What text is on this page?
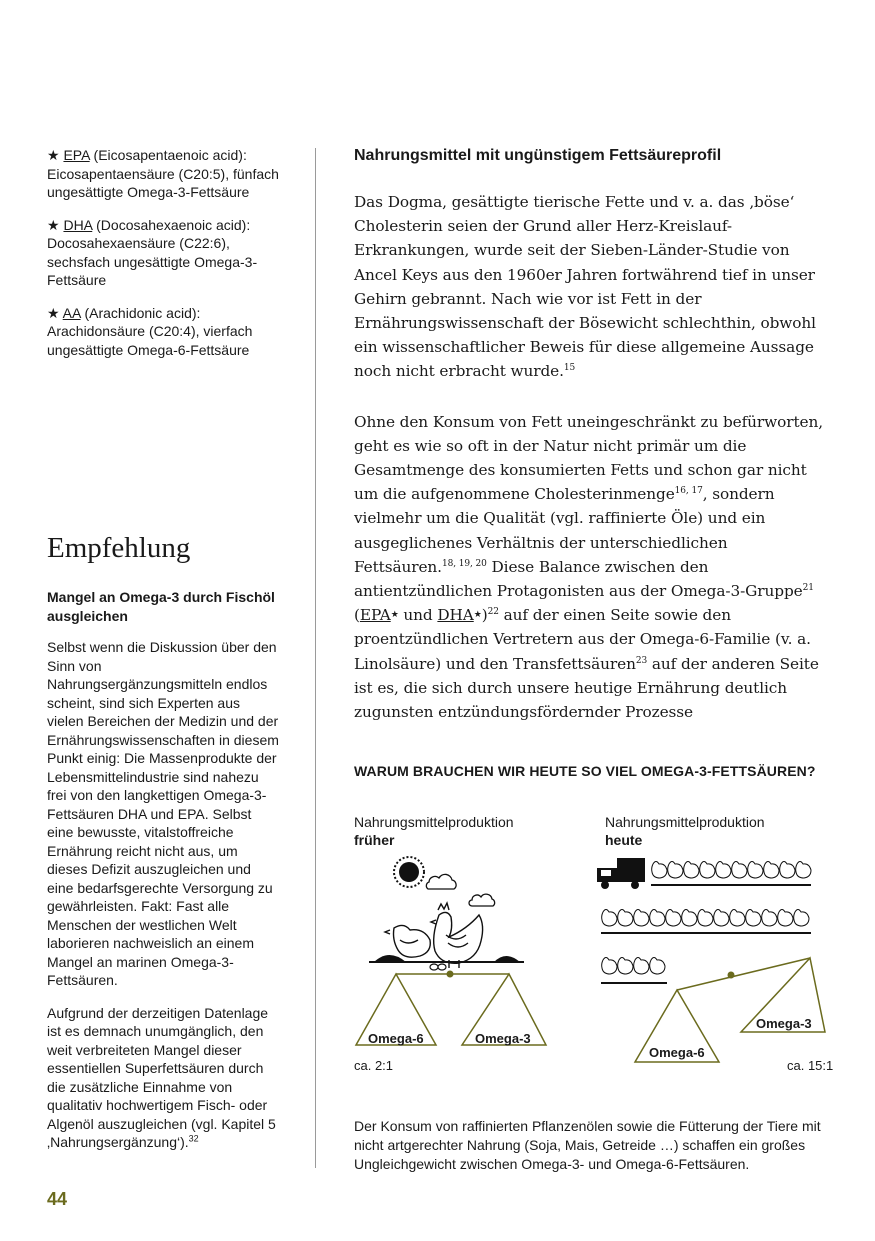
★ EPA (Eicosapentaenoic acid): Eicosapentaensäure (C20:5), fünfach ungesättigte Omega-3-Fettsäure

★ DHA (Docosahexaenoic acid): Docosahexaensäure (C22:6), sechsfach ungesättigte Omega-3-Fettsäure

★ AA (Arachidonic acid): Arachidonsäure (C20:4), vierfach ungesättigte Omega-6-Fettsäure

Empfehlung
Mangel an Omega-3 durch Fischöl ausgleichen

Selbst wenn die Diskussion über den Sinn von Nahrungsergänzungsmitteln endlos scheint, sind sich Experten aus vielen Bereichen der Medizin und der Ernährungswissenschaften in diesem Punkt einig: Die Massenprodukte der Lebensmittelindustrie sind nahezu frei von den langkettigen Omega-3-Fettsäuren DHA und EPA. Selbst eine bewusste, vitalstoffreiche Ernährung reicht nicht aus, um dieses Defizit auszugleichen und eine bedarfsgerechte Versorgung zu gewährleisten. Fakt: Fast alle Menschen der westlichen Welt laborieren nachweislich an einem Mangel an marinen Omega-3-Fettsäuren.

Aufgrund der derzeitigen Datenlage ist es demnach unumgänglich, den weit verbreiteten Mangel dieser essentiellen Superfettsäuren durch die zusätzliche Einnahme von qualitativ hochwertigem Fisch- oder Algenöl auszugleichen (vgl. Kapitel 5 ‚Nahrungsergänzung‘).$^{32}$

Nahrungsmittel mit ungünstigem Fettsäureprofil

Das Dogma, gesättigte tierische Fette und v. a. das ‚böse‘ Cholesterin seien der Grund aller Herz-Kreislauf-Erkrankungen, wurde seit der Sieben-Länder-Studie von Ancel Keys aus den 1960er Jahren fortwährend tief in unser Gehirn gebrannt. Nach wie vor ist Fett in der Ernährungswissenschaft der Bösewicht schlechthin, obwohl ein wissenschaftlicher Beweis für diese allgemeine Aussage noch nicht erbracht wurde.$^{15}$

Ohne den Konsum von Fett uneingeschränkt zu befürworten, geht es wie so oft in der Natur nicht primär um die Gesamtmenge des konsumierten Fetts und schon gar nicht um die aufgenommene Cholesterinmenge$^{16, 17}$, sondern vielmehr um die Qualität (vgl. raffinierte Öle) und ein ausgeglichenes Verhältnis der unterschiedlichen Fettsäuren.$^{18, 19, 20}$ Diese Balance zwischen den antientzündlichen Protagonisten aus der Omega-3-Gruppe$^{21}$ (EPA★ und DHA★)$^{22}$ auf der einen Seite sowie den proentzündlichen Vertretern aus der Omega-6-Familie (v. a. Linolsäure) und den Transfettsäuren$^{23}$ auf der anderen Seite ist es, die sich durch unsere heutige Ernährung deutlich zugunsten entzündungsfördernder Prozesse

WARUM BRAUCHEN WIR HEUTE SO VIEL OMEGA-3-FETTSÄUREN?
Nahrungsmittelproduktion
früher
Nahrungsmittelproduktion
heute
Omega-6	Omega-3
ca. 2:1
Omega-6
Omega-3
ca. 15:1
Der Konsum von raffinierten Pflanzenölen sowie die Fütterung der Tiere mit nicht artgerechter Nahrung (Soja, Mais, Getreide …) schaffen ein großes Ungleichgewicht zwischen Omega-3- und Omega-6-Fettsäuren.
44
